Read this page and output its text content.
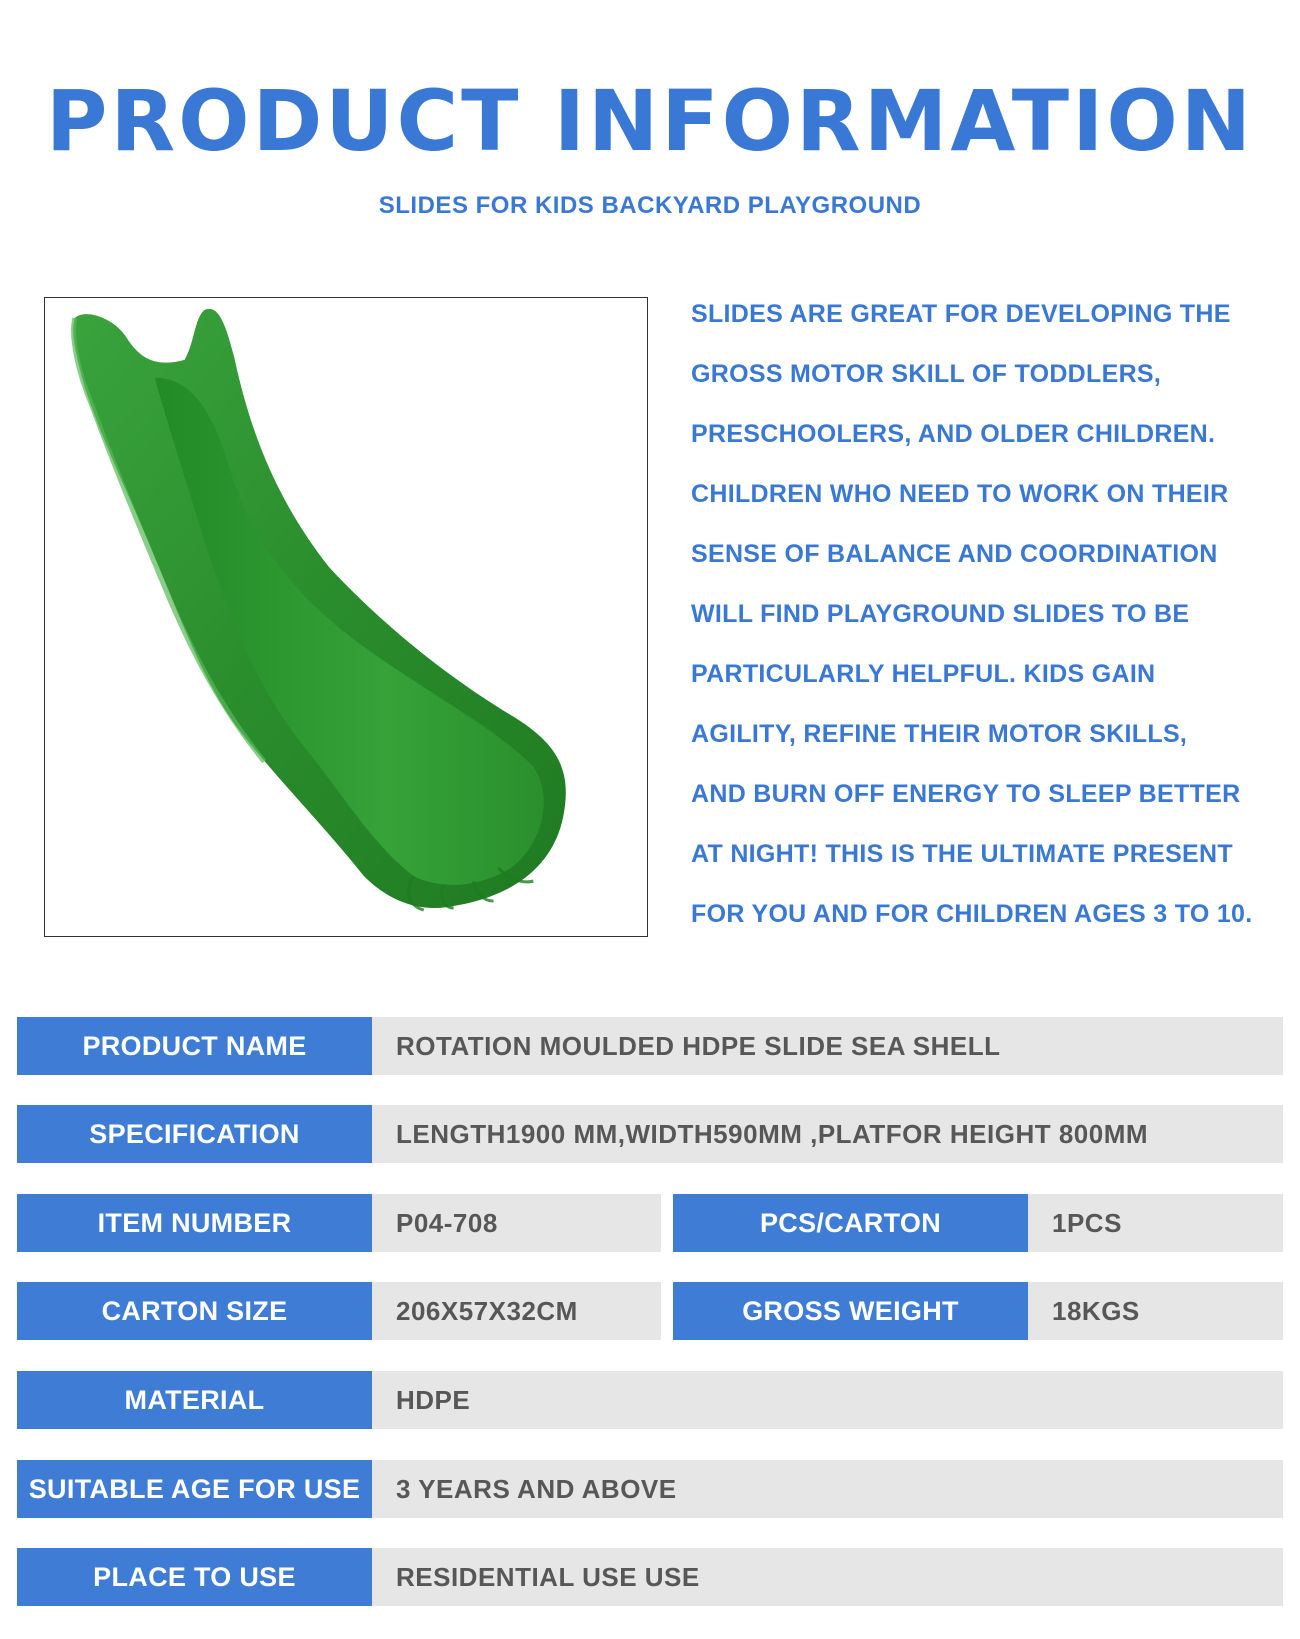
PRODUCT INFORMATION
SLIDES FOR KIDS BACKYARD PLAYGROUND
SLIDES ARE GREAT FOR DEVELOPING THE
GROSS MOTOR SKILL OF TODDLERS,
PRESCHOOLERS, AND OLDER CHILDREN.
CHILDREN WHO NEED TO WORK ON THEIR
SENSE OF BALANCE AND COORDINATION
WILL FIND PLAYGROUND SLIDES TO BE
PARTICULARLY HELPFUL. KIDS GAIN
AGILITY, REFINE THEIR MOTOR SKILLS,
AND BURN OFF ENERGY TO SLEEP BETTER
AT NIGHT! THIS IS THE ULTIMATE PRESENT
FOR YOU AND FOR CHILDREN AGES 3 TO 10.
PRODUCT NAME	ROTATION MOULDED HDPE SLIDE SEA SHELL
SPECIFICATION	LENGTH1900 MM,WIDTH590MM ,PLATFOR HEIGHT 800MM
ITEM NUMBER	P04-708	PCS/CARTON	1PCS
CARTON SIZE	206X57X32CM	GROSS WEIGHT	18KGS
MATERIAL	HDPE
SUITABLE AGE FOR USE	3 YEARS AND ABOVE
PLACE TO USE	RESIDENTIAL USE USE
